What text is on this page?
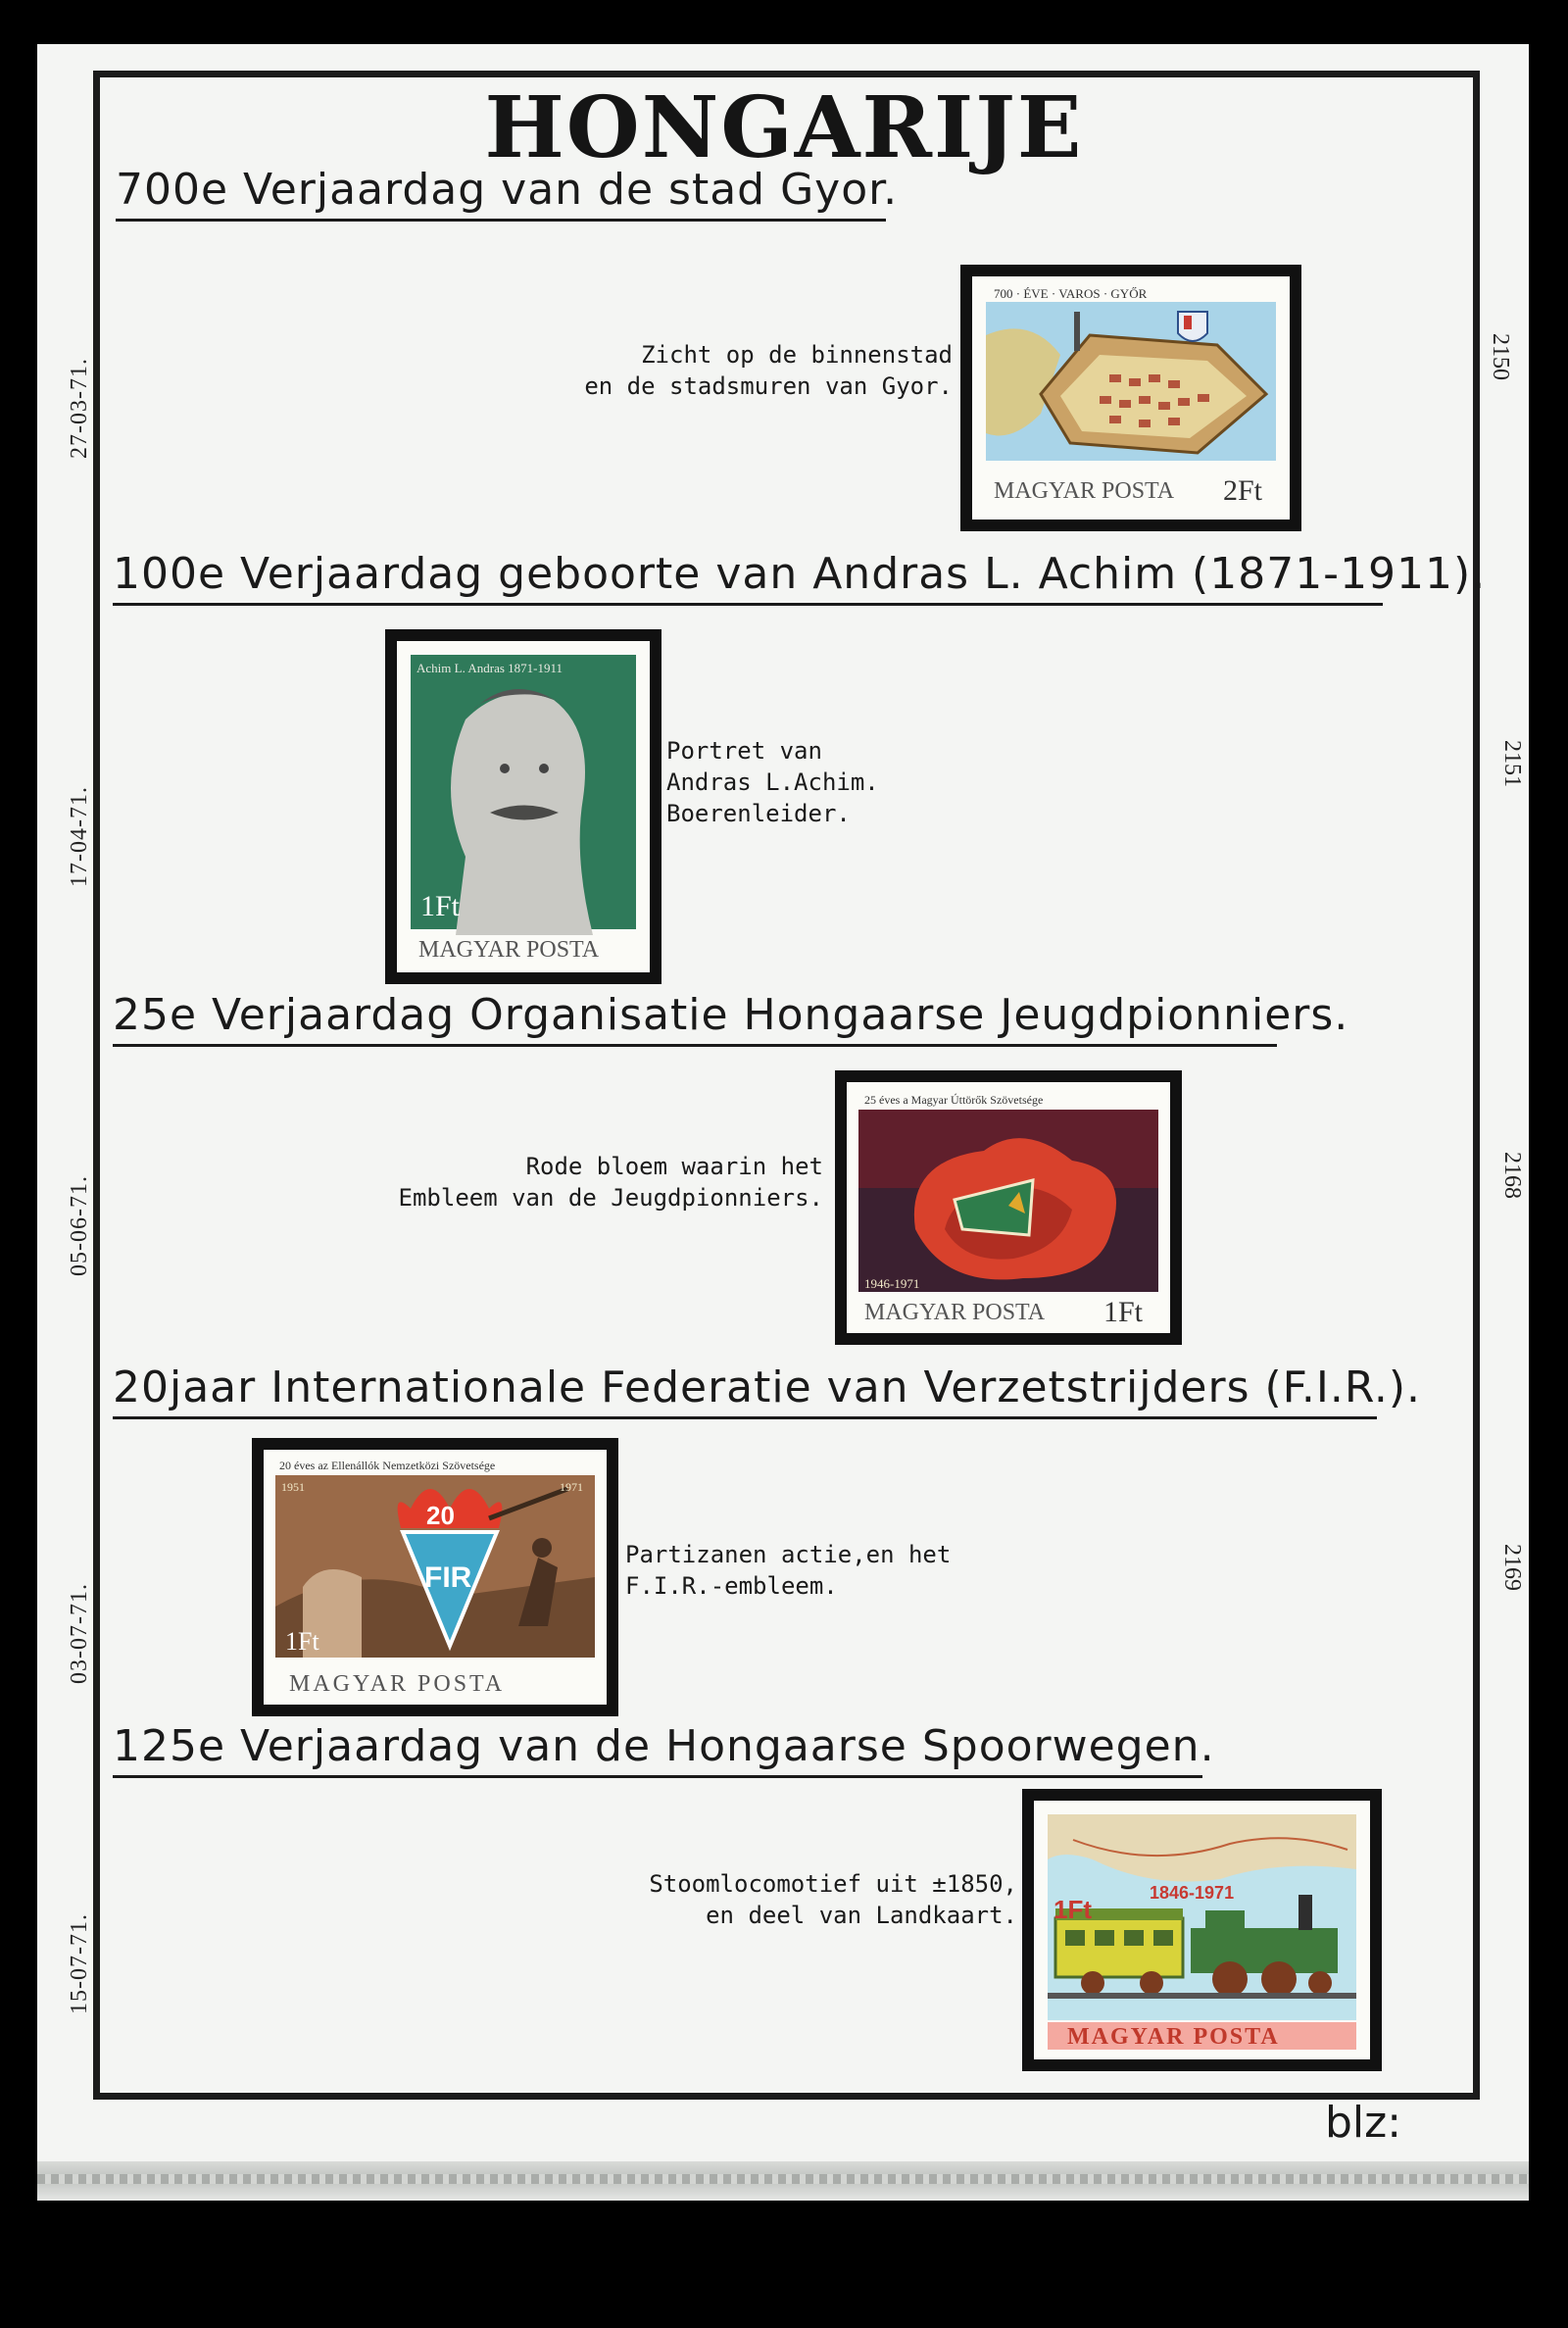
HONGARIJE
700e Verjaardag van de stad Gyor.
27-03-71.
2150
Zicht op de binnenstad
en de stadsmuren van Gyor.
700 · ÉVE · VAROS · GYŐR
MAGYAR POSTA 2Ft
100e Verjaardag geboorte van Andras L. Achim (1871-1911).
17-04-71.
2151
Portret van
Andras L.Achim.
Boerenleider.
Achim L. Andras 1871-1911
1Ft
MAGYAR POSTA
25e Verjaardag Organisatie Hongaarse Jeugdpionniers.
05-06-71.
2168
Rode bloem waarin het
Embleem van de Jeugdpionniers.
25 éves a Magyar Úttörők Szövetsége
1946-1971
MAGYAR POSTA 1Ft
20jaar Internationale Federatie van Verzetstrijders (F.I.R.).
03-07-71.
2169
Partizanen actie,en het
F.I.R.-embleem.
20
FIR
20 éves az Ellenállók Nemzetközi Szövetsége
1951	1971
1Ft
MAGYAR POSTA
125e Verjaardag van de Hongaarse Spoorwegen.
15-07-71.
Stoomlocomotief uit ±1850,
en deel van Landkaart. 1Ft
1846-1971
MAGYAR POSTA
blz:
